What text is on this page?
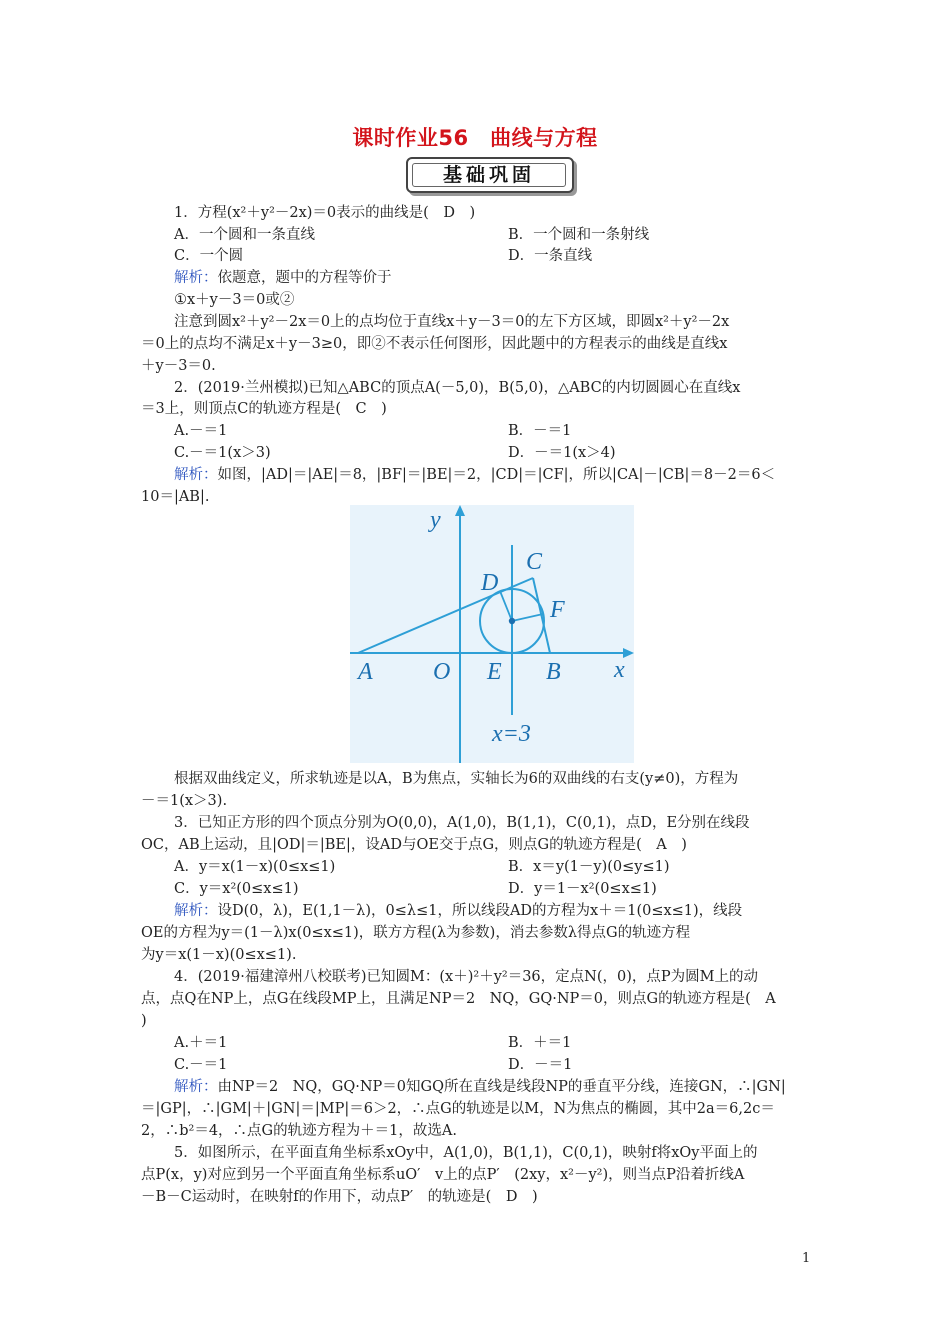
课时作业56　曲线与方程
基础巩固
1．方程(x²＋y²－2x)＝0表示的曲线是(　D　)
A．一个圆和一条直线	B．一个圆和一条射线
C．一个圆	D．一条直线
解析：依题意，题中的方程等价于
①x＋y－3＝0或②
注意到圆x²＋y²－2x＝0上的点均位于直线x＋y－3＝0的左下方区域，即圆x²＋y²－2x
＝0上的点均不满足x＋y－3≥0，即②不表示任何图形，因此题中的方程表示的曲线是直线x
＋y－3＝0.
2．(2019·兰州模拟)已知△ABC的顶点A(－5,0)，B(5,0)，△ABC的内切圆圆心在直线x
＝3上，则顶点C的轨迹方程是(　C　)
A.－＝1	B．－＝1
C.－＝1(x＞3)	D．－＝1(x＞4)
解析：如图，|AD|＝|AE|＝8，|BF|＝|BE|＝2，|CD|＝|CF|，所以|CA|－|CB|＝8－2＝6＜
10＝|AB|.
根据双曲线定义，所求轨迹是以A，B为焦点，实轴长为6的双曲线的右支(y≠0)，方程为
－＝1(x＞3).
3．已知正方形的四个顶点分别为O(0,0)，A(1,0)，B(1,1)，C(0,1)，点D，E分别在线段
OC，AB上运动，且|OD|＝|BE|，设AD与OE交于点G，则点G的轨迹方程是(　A　)
A．y＝x(1－x)(0≤x≤1)	B．x＝y(1－y)(0≤y≤1)
C．y＝x²(0≤x≤1)	D．y＝1－x²(0≤x≤1)
解析：设D(0，λ)，E(1,1－λ)，0≤λ≤1，所以线段AD的方程为x＋＝1(0≤x≤1)，线段
OE的方程为y＝(1－λ)x(0≤x≤1)，联方方程(λ为参数)，消去参数λ得点G的轨迹方程
为y＝x(1－x)(0≤x≤1).
4．(2019·福建漳州八校联考)已知圆M：(x＋)²＋y²＝36，定点N(，0)，点P为圆M上的动
点，点Q在NP上，点G在线段MP上，且满足NP＝2　NQ，GQ·NP＝0，则点G的轨迹方程是(　A
)
A.＋＝1	B．＋＝1
C.－＝1	D．－＝1
解析：由NP＝2　NQ，GQ·NP＝0知GQ所在直线是线段NP的垂直平分线，连接GN，∴|GN|
＝|GP|，∴|GM|＋|GN|＝|MP|＝6＞2，∴点G的轨迹是以M，N为焦点的椭圆，其中2a＝6,2c＝
2，∴b²＝4，∴点G的轨迹方程为＋＝1，故选A.
5．如图所示，在平面直角坐标系xOy中，A(1,0)，B(1,1)，C(0,1)，映射f将xOy平面上的
点P(x，y)对应到另一个平面直角坐标系uO′　v上的点P′　(2xy，x²－y²)，则当点P沿着折线A
－B－C运动时，在映射f的作用下，动点P′　的轨迹是(　D　)
y
x
A	O E B
C
D
F
x=3
1
